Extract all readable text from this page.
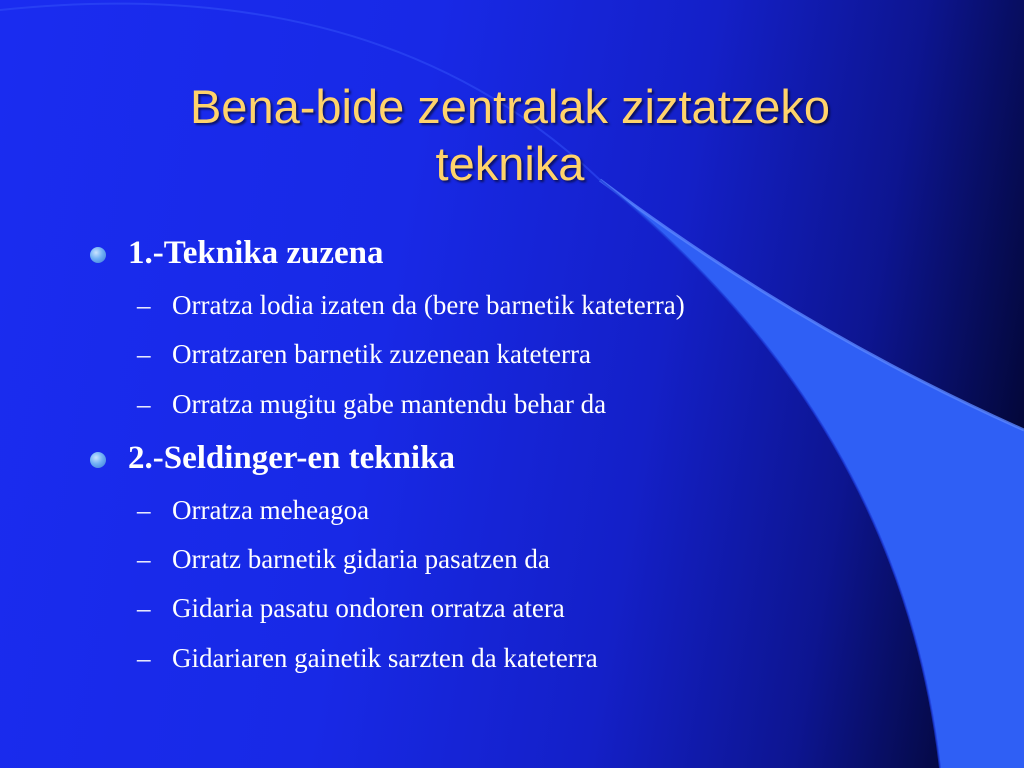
Bena-bide zentralak ziztatzeko
teknika
1.-Teknika zuzena
– Orratza lodia izaten da (bere barnetik kateterra)
– Orratzaren barnetik zuzenean kateterra
– Orratza mugitu gabe mantendu behar da
2.-Seldinger-en teknika
– Orratza meheagoa
– Orratz barnetik gidaria pasatzen da
– Gidaria pasatu ondoren orratza atera
– Gidariaren gainetik sarzten da kateterra
